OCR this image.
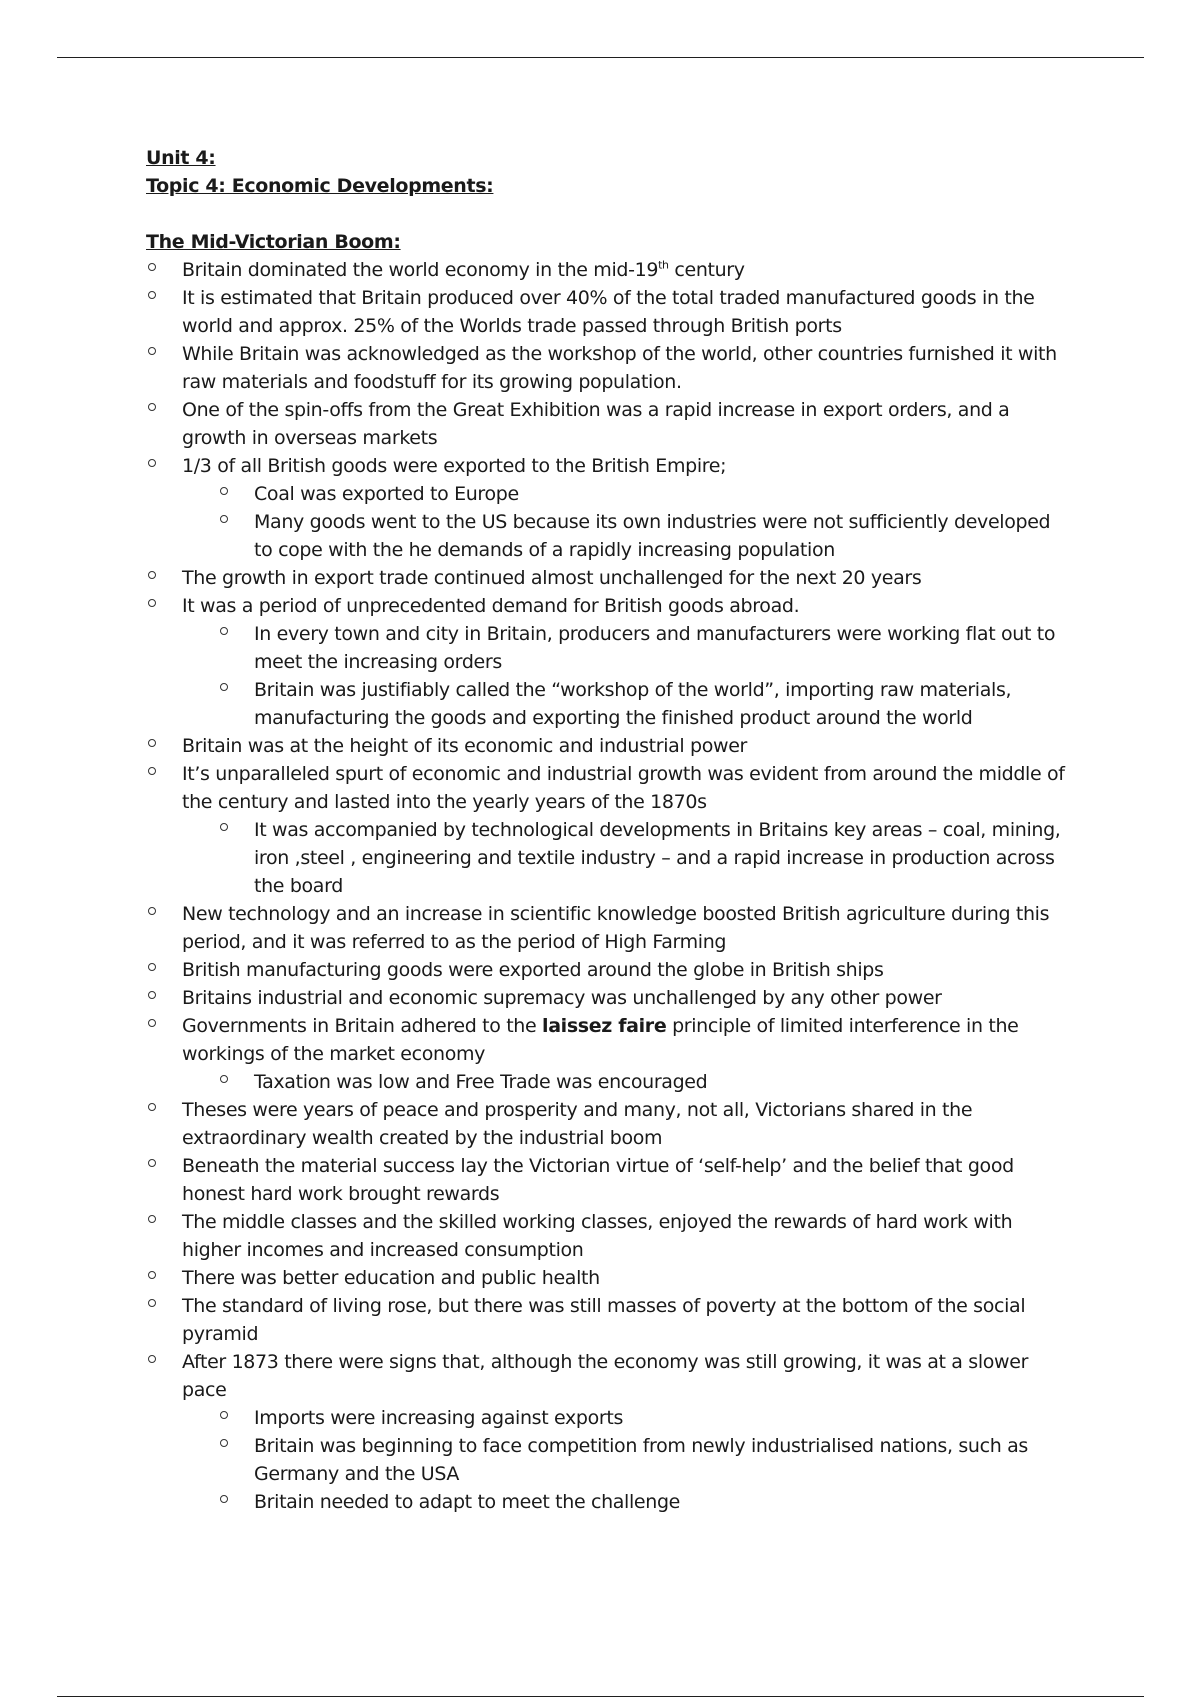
Unit 4:

Topic 4: Economic Developments:

The Mid-Victorian Boom:

Britain dominated the world economy in the mid-19th century
It is estimated that Britain produced over 40% of the total traded manufactured goods in the world and approx. 25% of the Worlds trade passed through British ports
While Britain was acknowledged as the workshop of the world, other countries furnished it with raw materials and foodstuff for its growing population.
One of the spin-offs from the Great Exhibition was a rapid increase in export orders, and a growth in overseas markets
1/3 of all British goods were exported to the British Empire;
Coal was exported to Europe
Many goods went to the US because its own industries were not sufficiently developed to cope with the he demands of a rapidly increasing population
The growth in export trade continued almost unchallenged for the next 20 years
It was a period of unprecedented demand for British goods abroad.
In every town and city in Britain, producers and manufacturers were working flat out to meet the increasing orders
Britain was justifiably called the “workshop of the world”, importing raw materials, manufacturing the goods and exporting the finished product around the world
Britain was at the height of its economic and industrial power
It’s unparalleled spurt of economic and industrial growth was evident from around the middle of the century and lasted into the yearly years of the 1870s
It was accompanied by technological developments in Britains key areas – coal, mining, iron ,steel , engineering and textile industry – and a rapid increase in production across the board
New technology and an increase in scientific knowledge boosted British agriculture during this period, and it was referred to as the period of High Farming
British manufacturing goods were exported around the globe in British ships
Britains industrial and economic supremacy was unchallenged by any other power
Governments in Britain adhered to the laissez faire principle of limited interference in the workings of the market economy
Taxation was low and Free Trade was encouraged
Theses were years of peace and prosperity and many, not all, Victorians shared in the extraordinary wealth created by the industrial boom
Beneath the material success lay the Victorian virtue of ‘self-help’ and the belief that good honest hard work brought rewards
The middle classes and the skilled working classes, enjoyed the rewards of hard work with higher incomes and increased consumption
There was better education and public health
The standard of living rose, but there was still masses of poverty at the bottom of the social pyramid
After 1873 there were signs that, although the economy was still growing, it was at a slower pace
Imports were increasing against exports
Britain was beginning to face competition from newly industrialised nations, such as Germany and the USA
Britain needed to adapt to meet the challenge
